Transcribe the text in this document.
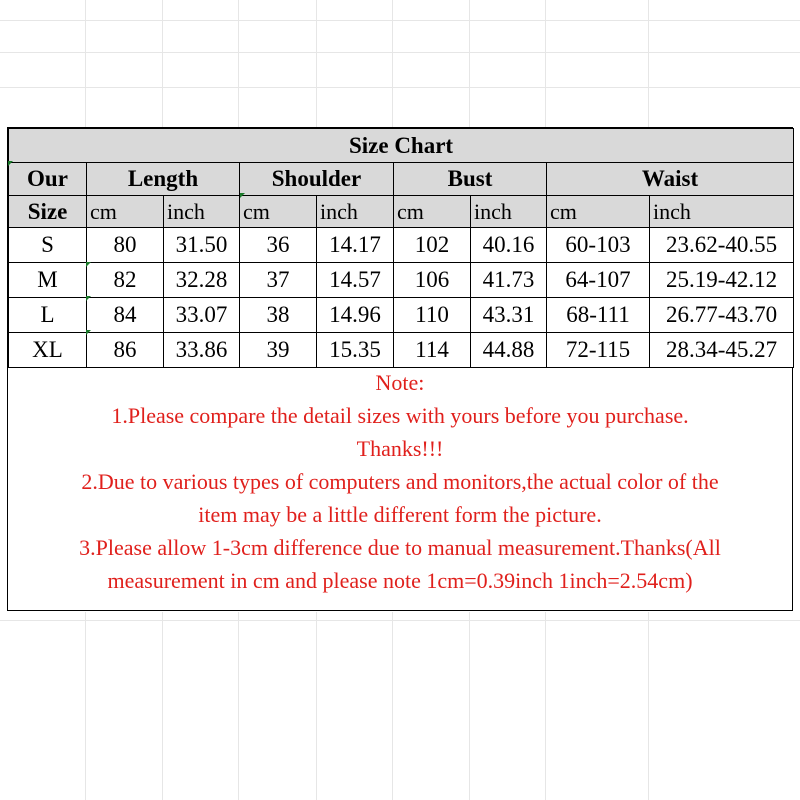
Size Chart								
Our	Length		Shoulder		Bust		Waist	
Size	cm	inch	cm	inch	cm	inch	cm	inch
S	80	31.50	36	14.17	102	40.16	60-103	23.62-40.55
M	82	32.28	37	14.57	106	41.73	64-107	25.19-42.12
L	84	33.07	38	14.96	110	43.31	68-111	26.77-43.70
XL	86	33.86	39	15.35	114	44.88	72-115	28.34-45.27
Note:
1.Please compare the detail sizes with yours before you purchase.
Thanks!!!
2.Due to various types of computers and monitors,the actual color of the
item may be a little different form the picture.
3.Please allow 1-3cm difference due to manual measurement.Thanks(All
measurement in cm and please note 1cm=0.39inch 1inch=2.54cm)
